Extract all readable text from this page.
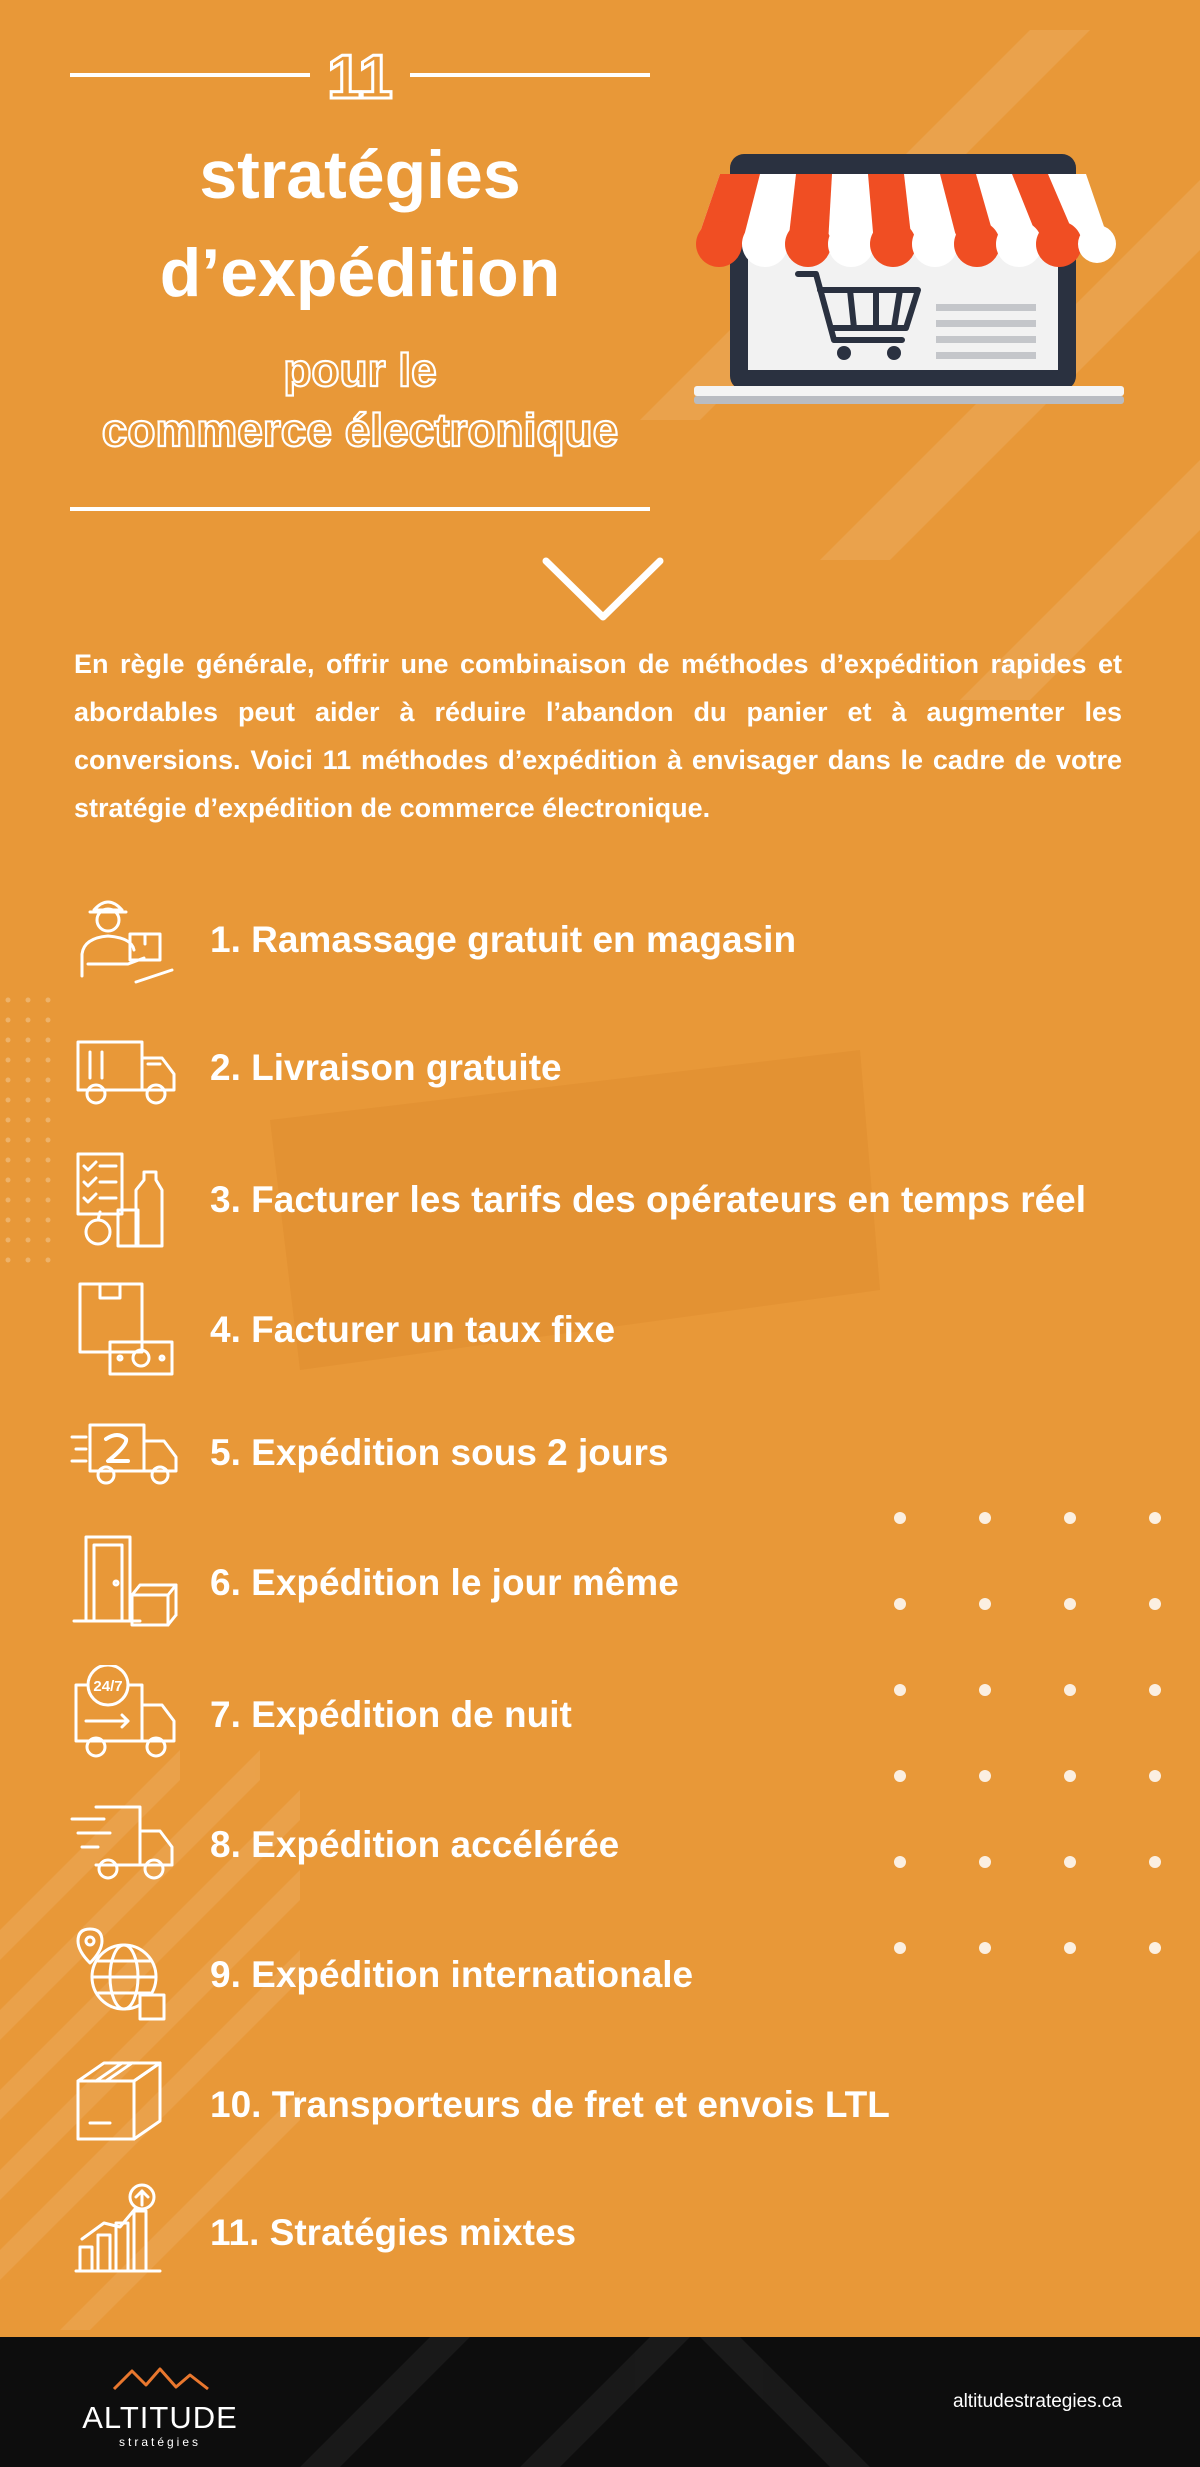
11
stratégies
d’expédition
pour le
commerce électronique
En règle générale, offrir une combinaison de méthodes d’expédition rapides et abordables peut aider à réduire l’abandon du panier et à augmenter les conversions. Voici 11 méthodes d’expédition à envisager dans le cadre de votre stratégie d’expédition de commerce électronique.
1. Ramassage gratuit en magasin
2. Livraison gratuite
3. Facturer les tarifs des opérateurs en temps réel
4. Facturer un taux fixe
5. Expédition sous 2 jours
6. Expédition le jour même
24/7
7. Expédition de nuit
8. Expédition accélérée
9. Expédition internationale
10. Transporteurs de fret et envois LTL
11. Stratégies mixtes
ALTITUDE
stratégies
altitudestrategies.ca
